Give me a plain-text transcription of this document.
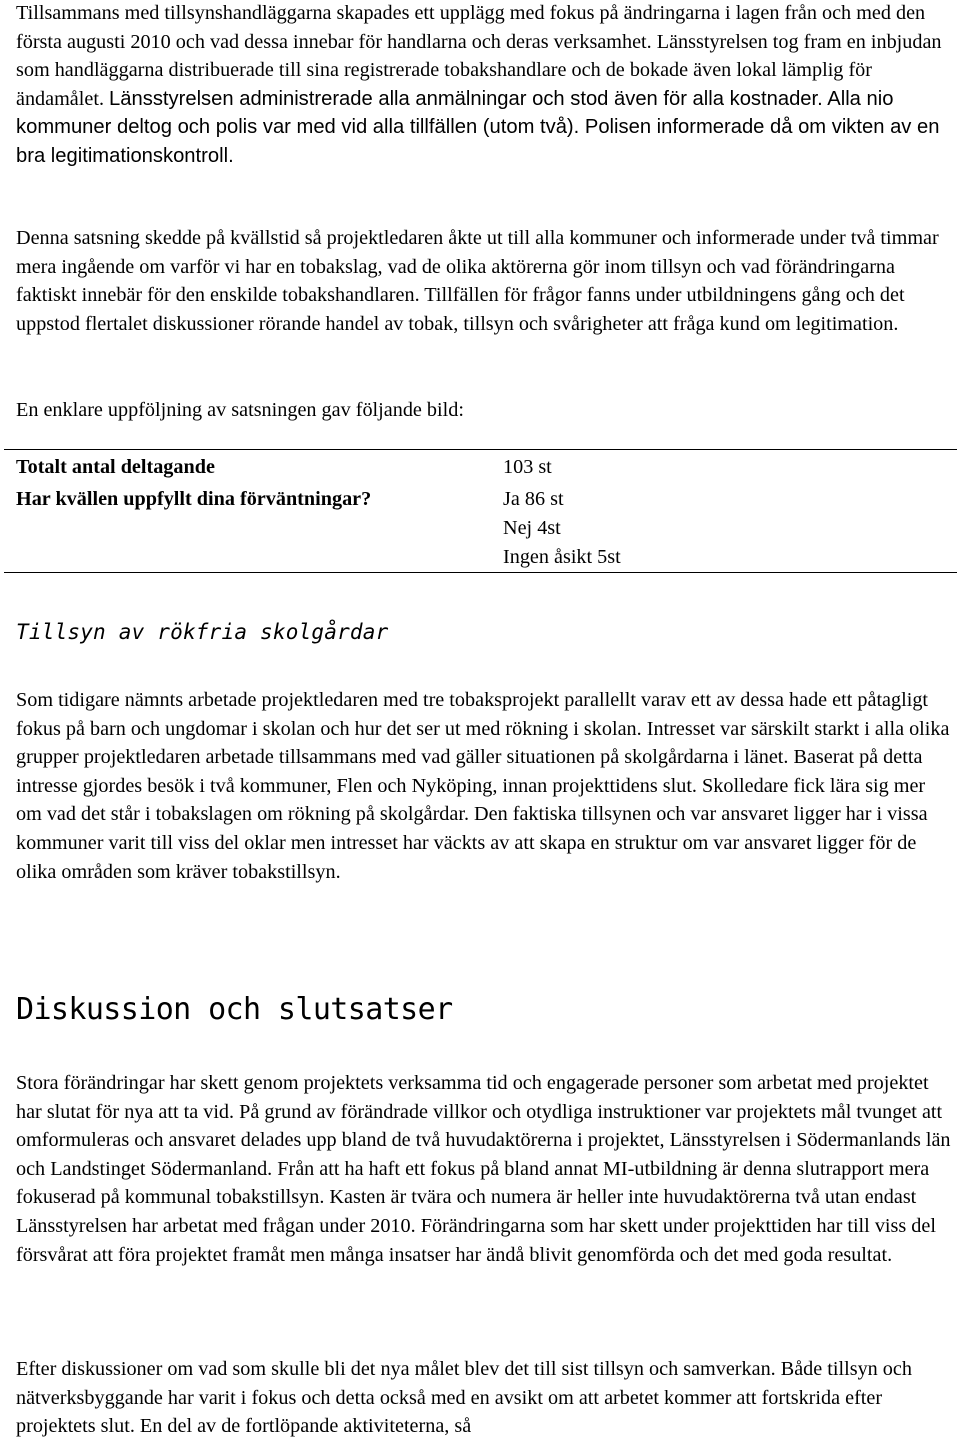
Tillsammans med tillsynshandläggarna skapades ett upplägg med fokus på ändringarna i lagen från och med den första augusti 2010 och vad dessa innebar för handlarna och deras verksamhet. Länsstyrelsen tog fram en inbjudan som handläggarna distribuerade till sina registrerade tobakshandlare och de bokade även lokal lämplig för ändamålet. Länsstyrelsen administrerade alla anmälningar och stod även för alla kostnader. Alla nio kommuner deltog och polis var med vid alla tillfällen (utom två). Polisen informerade då om vikten av en bra legitimationskontroll.

Denna satsning skedde på kvällstid så projektledaren åkte ut till alla kommuner och informerade under två timmar mera ingående om varför vi har en tobakslag, vad de olika aktörerna gör inom tillsyn och vad förändringarna faktiskt innebär för den enskilde tobakshandlaren. Tillfällen för frågor fanns under utbildningens gång och det uppstod flertalet diskussioner rörande handel av tobak, tillsyn och svårigheter att fråga kund om legitimation.

En enklare uppföljning av satsningen gav följande bild:

Totalt antal deltagande	103 st
Har kvällen uppfyllt dina förväntningar?	Ja 86 st
Nej 4st
Ingen åsikt 5st
Tillsyn av rökfria skolgårdar

Som tidigare nämnts arbetade projektledaren med tre tobaksprojekt parallellt varav ett av dessa hade ett påtagligt fokus på barn och ungdomar i skolan och hur det ser ut med rökning i skolan. Intresset var särskilt starkt i alla olika grupper projektledaren arbetade tillsammans med vad gäller situationen på skolgårdarna i länet. Baserat på detta intresse gjordes besök i två kommuner, Flen och Nyköping, innan projekttidens slut. Skolledare fick lära sig mer om vad det står i tobakslagen om rökning på skolgårdar. Den faktiska tillsynen och var ansvaret ligger har i vissa kommuner varit till viss del oklar men intresset har väckts av att skapa en struktur om var ansvaret ligger för de olika områden som kräver tobakstillsyn.

Diskussion och slutsatser

Stora förändringar har skett genom projektets verksamma tid och engagerade personer som arbetat med projektet har slutat för nya att ta vid. På grund av förändrade villkor och otydliga instruktioner var projektets mål tvunget att omformuleras och ansvaret delades upp bland de två huvudaktörerna i projektet, Länsstyrelsen i Södermanlands län och Landstinget Södermanland. Från att ha haft ett fokus på bland annat MI-utbildning är denna slutrapport mera fokuserad på kommunal tobakstillsyn. Kasten är tvära och numera är heller inte huvudaktörerna två utan endast Länsstyrelsen har arbetat med frågan under 2010. Förändringarna som har skett under projekttiden har till viss del försvårat att föra projektet framåt men många insatser har ändå blivit genomförda och det med goda resultat.

Efter diskussioner om vad som skulle bli det nya målet blev det till sist tillsyn och samverkan. Både tillsyn och nätverksbyggande har varit i fokus och detta också med en avsikt om att arbetet kommer att fortskrida efter projektets slut. En del av de fortlöpande aktiviteterna, så
